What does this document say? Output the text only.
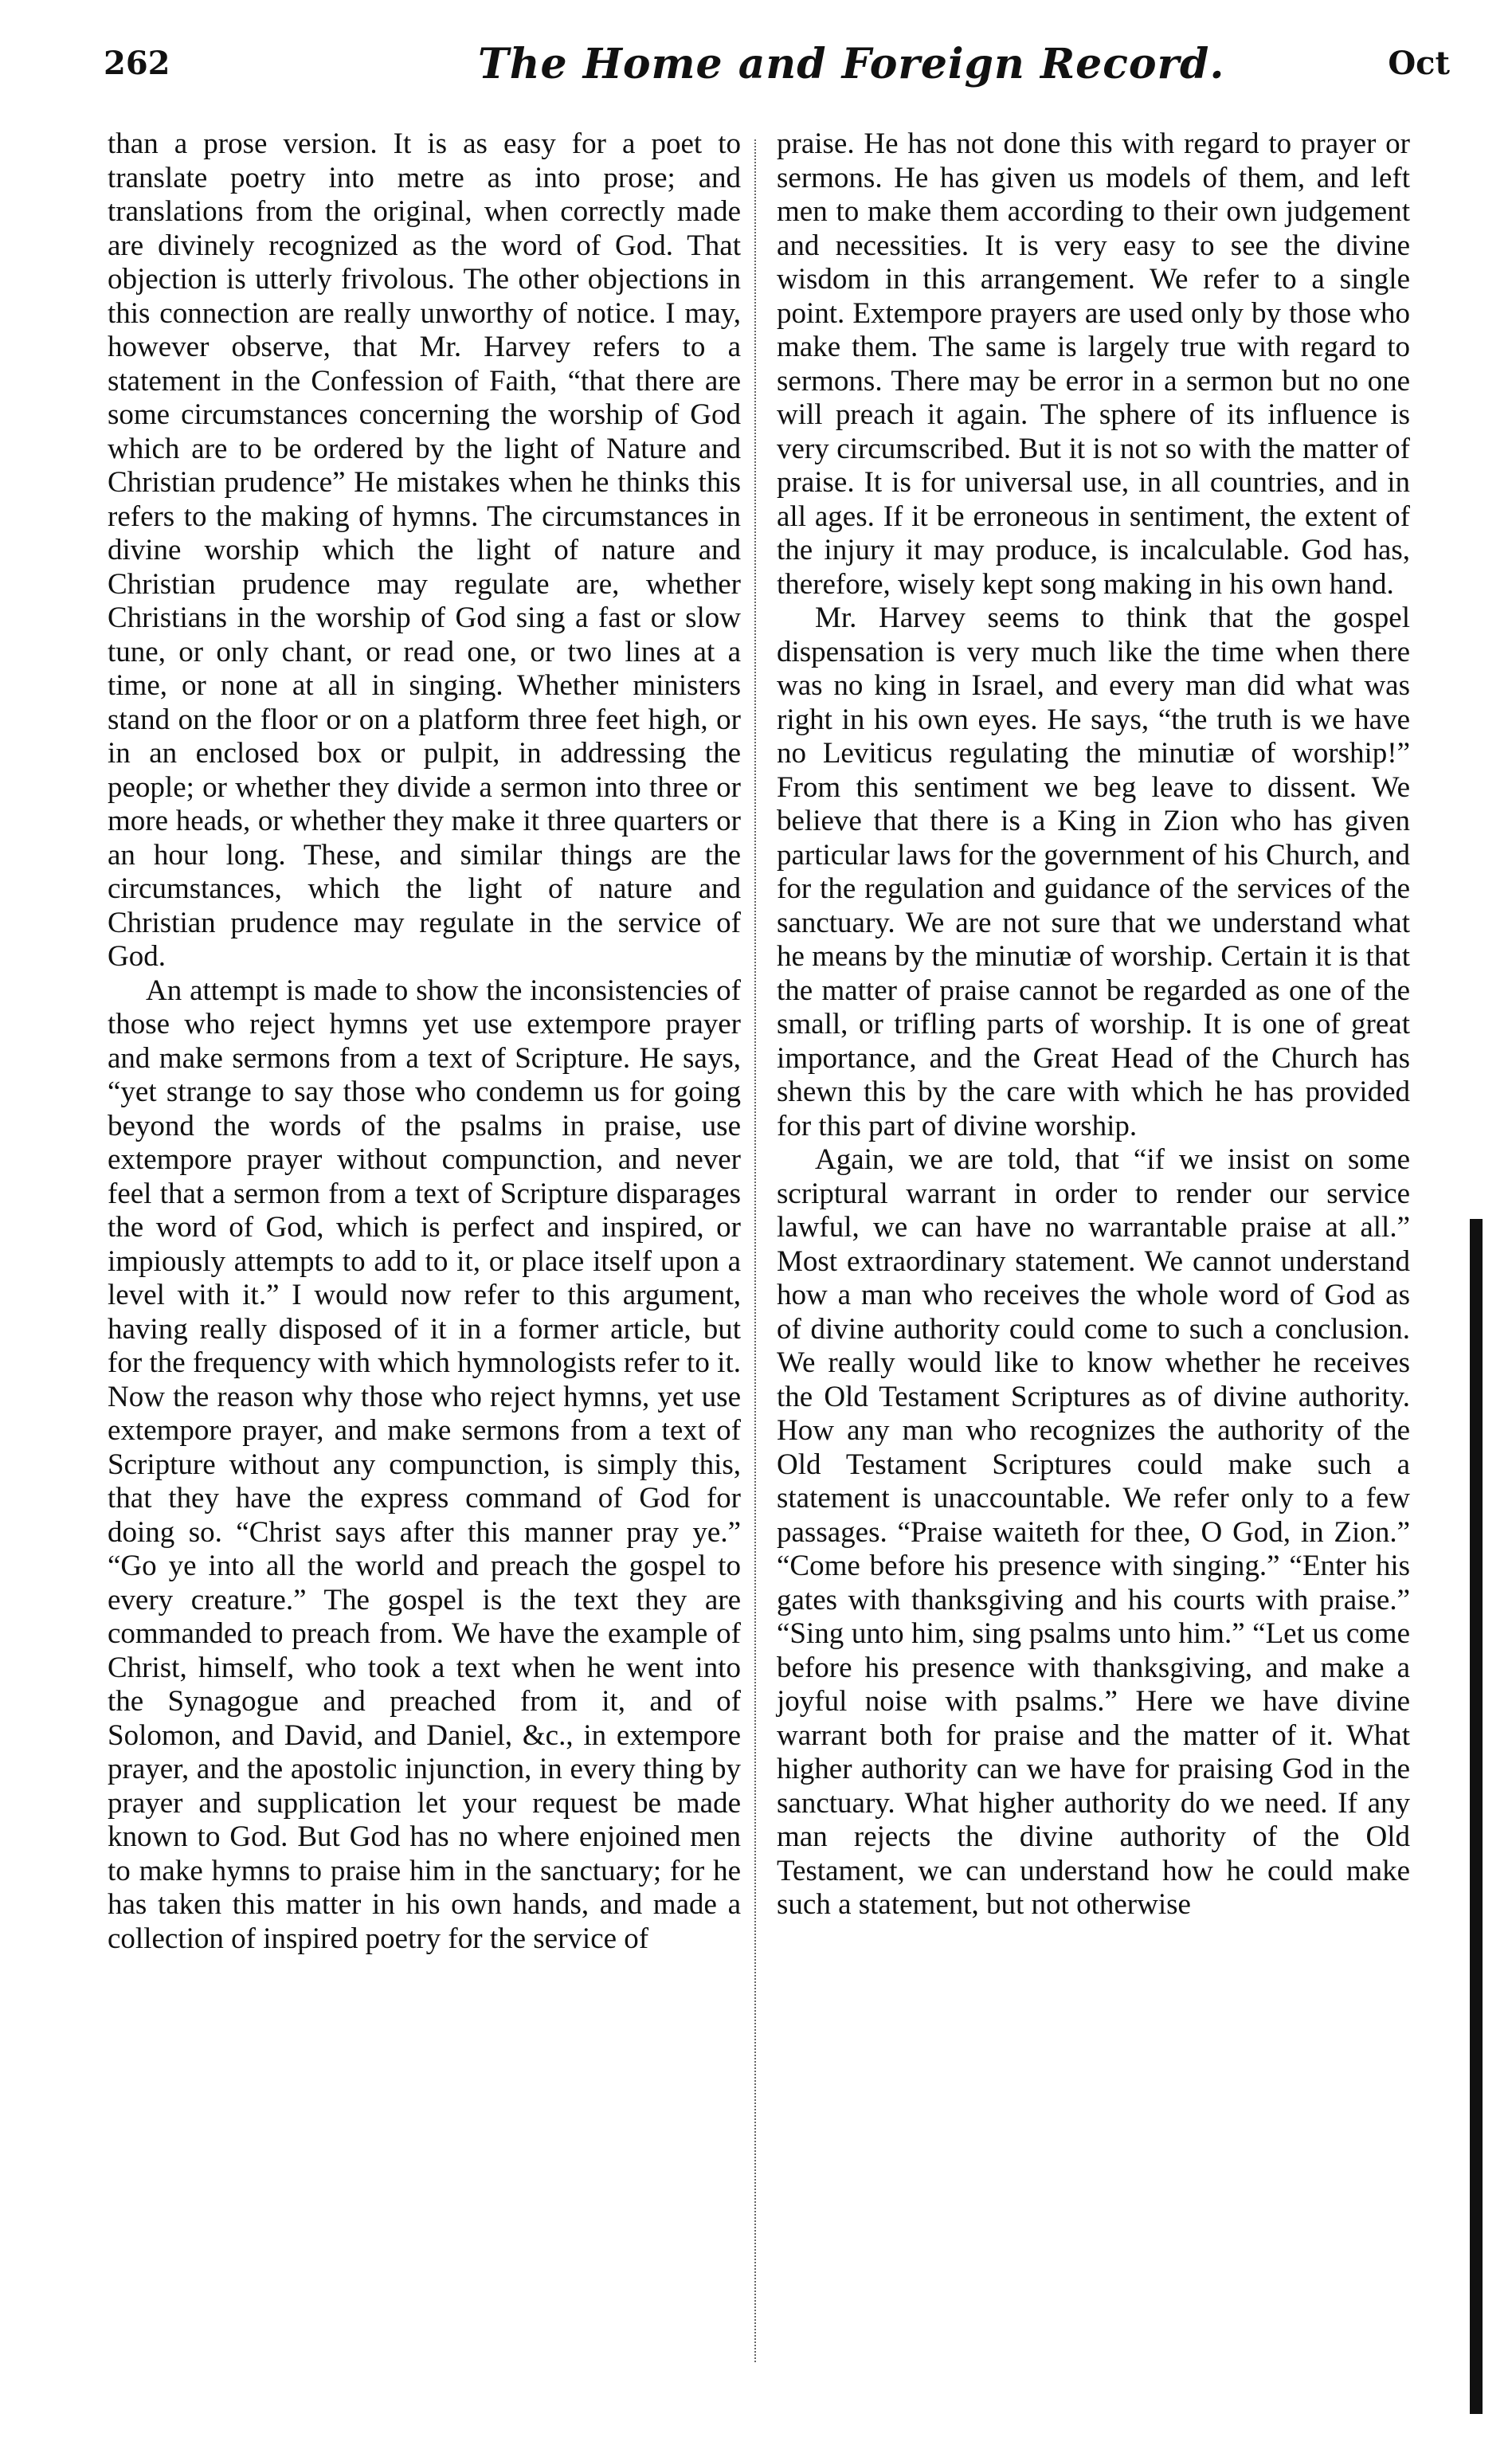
262	The Home and Foreign Record.	Oct

than a prose version. It is as easy for a poet to translate poetry into metre as into prose; and translations from the original, when correctly made are divinely recognized as the word of God. That objection is utterly frivolous. The other objections in this connection are really unworthy of notice. I may, however observe, that Mr. Harvey refers to a statement in the Confession of Faith, “that there are some circumstances concerning the worship of God which are to be ordered by the light of Nature and Christian prudence” He mistakes when he thinks this refers to the making of hymns. The circumstances in divine worship which the light of nature and Christian prudence may regulate are, whether Christians in the worship of God sing a fast or slow tune, or only chant, or read one, or two lines at a time, or none at all in singing. Whether ministers stand on the floor or on a platform three feet high, or in an enclosed box or pulpit, in addressing the people; or whether they divide a sermon into three or more heads, or whether they make it three quarters or an hour long. These, and similar things are the circumstances, which the light of nature and Christian prudence may regulate in the service of God.

An attempt is made to show the inconsistencies of those who reject hymns yet use extempore prayer and make sermons from a text of Scripture. He says, “yet strange to say those who condemn us for going beyond the words of the psalms in praise, use extempore prayer without compunction, and never feel that a sermon from a text of Scripture disparages the word of God, which is perfect and inspired, or impiously attempts to add to it, or place itself upon a level with it.” I would now refer to this argument, having really disposed of it in a former article, but for the frequency with which hymnologists refer to it. Now the reason why those who reject hymns, yet use extempore prayer, and make sermons from a text of Scripture without any compunction, is simply this, that they have the express command of God for doing so. “Christ says after this manner pray ye.” “Go ye into all the world and preach the gospel to every creature.” The gospel is the text they are commanded to preach from. We have the example of Christ, himself, who took a text when he went into the Synagogue and preached from it, and of Solomon, and David, and Daniel, &c., in extempore prayer, and the apostolic injunction, in every thing by prayer and supplication let your request be made known to God. But God has no where enjoined men to make hymns to praise him in the sanctuary; for he has taken this matter in his own hands, and made a collection of inspired poetry for the service of

praise. He has not done this with regard to prayer or sermons. He has given us models of them, and left men to make them according to their own judgement and necessities. It is very easy to see the divine wisdom in this arrangement. We refer to a single point. Extempore prayers are used only by those who make them. The same is largely true with regard to sermons. There may be error in a sermon but no one will preach it again. The sphere of its influence is very circumscribed. But it is not so with the matter of praise. It is for universal use, in all countries, and in all ages. If it be erroneous in sentiment, the extent of the injury it may produce, is incalculable. God has, therefore, wisely kept song making in his own hand.

Mr. Harvey seems to think that the gospel dispensation is very much like the time when there was no king in Israel, and every man did what was right in his own eyes. He says, “the truth is we have no Leviticus regulating the minutiæ of worship!” From this sentiment we beg leave to dissent. We believe that there is a King in Zion who has given particular laws for the government of his Church, and for the regulation and guidance of the services of the sanctuary. We are not sure that we understand what he means by the minutiæ of worship. Certain it is that the matter of praise cannot be regarded as one of the small, or trifling parts of worship. It is one of great importance, and the Great Head of the Church has shewn this by the care with which he has provided for this part of divine worship.

Again, we are told, that “if we insist on some scriptural warrant in order to render our service lawful, we can have no warrantable praise at all.” Most extraordinary statement. We cannot understand how a man who receives the whole word of God as of divine authority could come to such a conclusion. We really would like to know whether he receives the Old Testament Scriptures as of divine authority. How any man who recognizes the authority of the Old Testament Scriptures could make such a statement is unaccountable. We refer only to a few passages. “Praise waiteth for thee, O God, in Zion.” “Come before his presence with singing.” “Enter his gates with thanksgiving and his courts with praise.” “Sing unto him, sing psalms unto him.” “Let us come before his presence with thanksgiving, and make a joyful noise with psalms.” Here we have divine warrant both for praise and the matter of it. What higher authority can we have for praising God in the sanctuary. What higher authority do we need. If any man rejects the divine authority of the Old Testament, we can understand how he could make such a statement, but not otherwise
